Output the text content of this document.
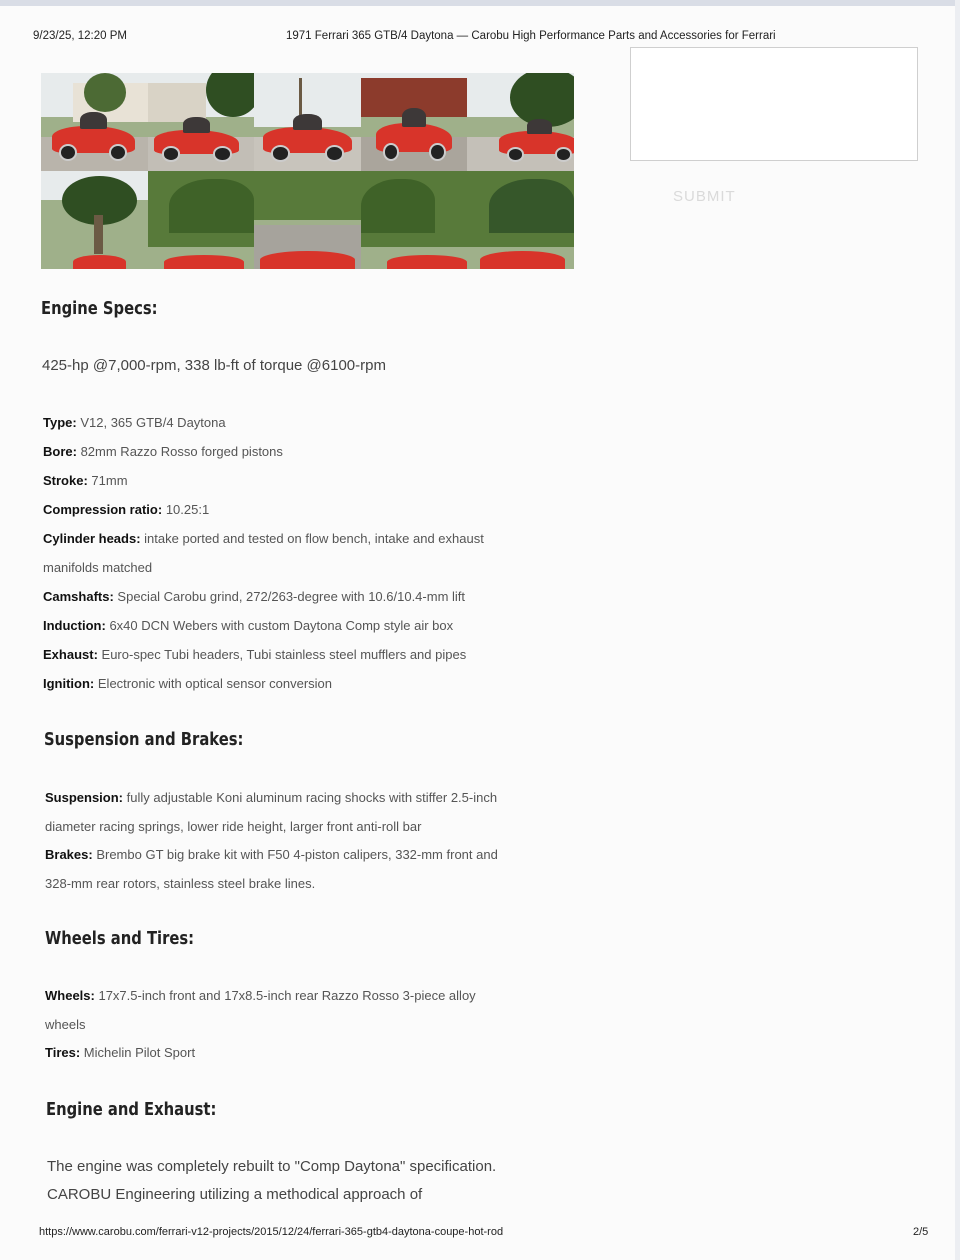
9/23/25, 12:20 PM	1971 Ferrari 365 GTB/4 Daytona — Carobu High Performance Parts and Accessories for Ferrari
SUBMIT
Engine Specs:
425-hp @7,000-rpm, 338 lb-ft of torque @6100-rpm
Type: V12, 365 GTB/4 Daytona
Bore: 82mm Razzo Rosso forged pistons
Stroke: 71mm
Compression ratio: 10.25:1
Cylinder heads: intake ported and tested on flow bench, intake and exhaust
manifolds matched
Camshafts: Special Carobu grind, 272/263-degree with 10.6/10.4-mm lift
Induction: 6x40 DCN Webers with custom Daytona Comp style air box
Exhaust: Euro-spec Tubi headers, Tubi stainless steel mufflers and pipes
Ignition: Electronic with optical sensor conversion
Suspension and Brakes:
Suspension: fully adjustable Koni aluminum racing shocks with stiffer 2.5-inch
diameter racing springs, lower ride height, larger front anti-roll bar
Brakes: Brembo GT big brake kit with F50 4-piston calipers, 332-mm front and
328-mm rear rotors, stainless steel brake lines.
Wheels and Tires:
Wheels: 17x7.5-inch front and 17x8.5-inch rear Razzo Rosso 3-piece alloy
wheels
Tires: Michelin Pilot Sport
Engine and Exhaust:
The engine was completely rebuilt to "Comp Daytona" specification.
CAROBU Engineering utilizing a methodical approach of
https://www.carobu.com/ferrari-v12-projects/2015/12/24/ferrari-365-gtb4-daytona-coupe-hot-rod	2/5
